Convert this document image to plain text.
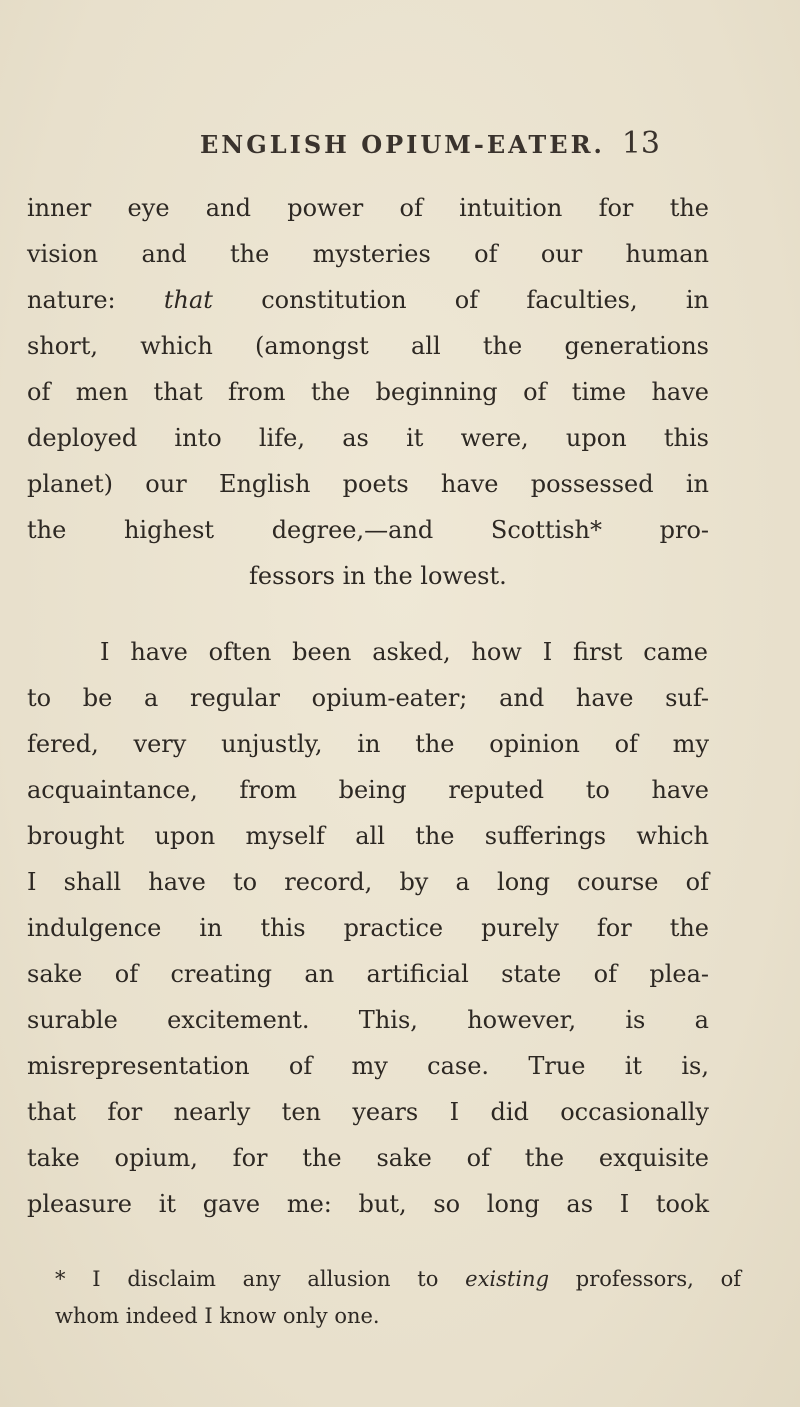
ENGLISH OPIUM-EATER. 13
inner eye and power of intuition for the
vision and the mysteries of our human
nature: that constitution of faculties, in
short, which (amongst all the generations
of men that from the beginning of time have
deployed into life, as it were, upon this
planet) our English poets have possessed in
the highest degree,—and Scottish* pro-
fessors in the lowest.
I have often been asked, how I first came
to be a regular opium-eater; and have suf-
fered, very unjustly, in the opinion of my
acquaintance, from being reputed to have
brought upon myself all the sufferings which
I shall have to record, by a long course of
indulgence in this practice purely for the
sake of creating an artificial state of plea-
surable excitement. This, however, is a
misrepresentation of my case. True it is,
that for nearly ten years I did occasionally
take opium, for the sake of the exquisite
pleasure it gave me: but, so long as I took
* I disclaim any allusion to existing professors, of
whom indeed I know only one.
